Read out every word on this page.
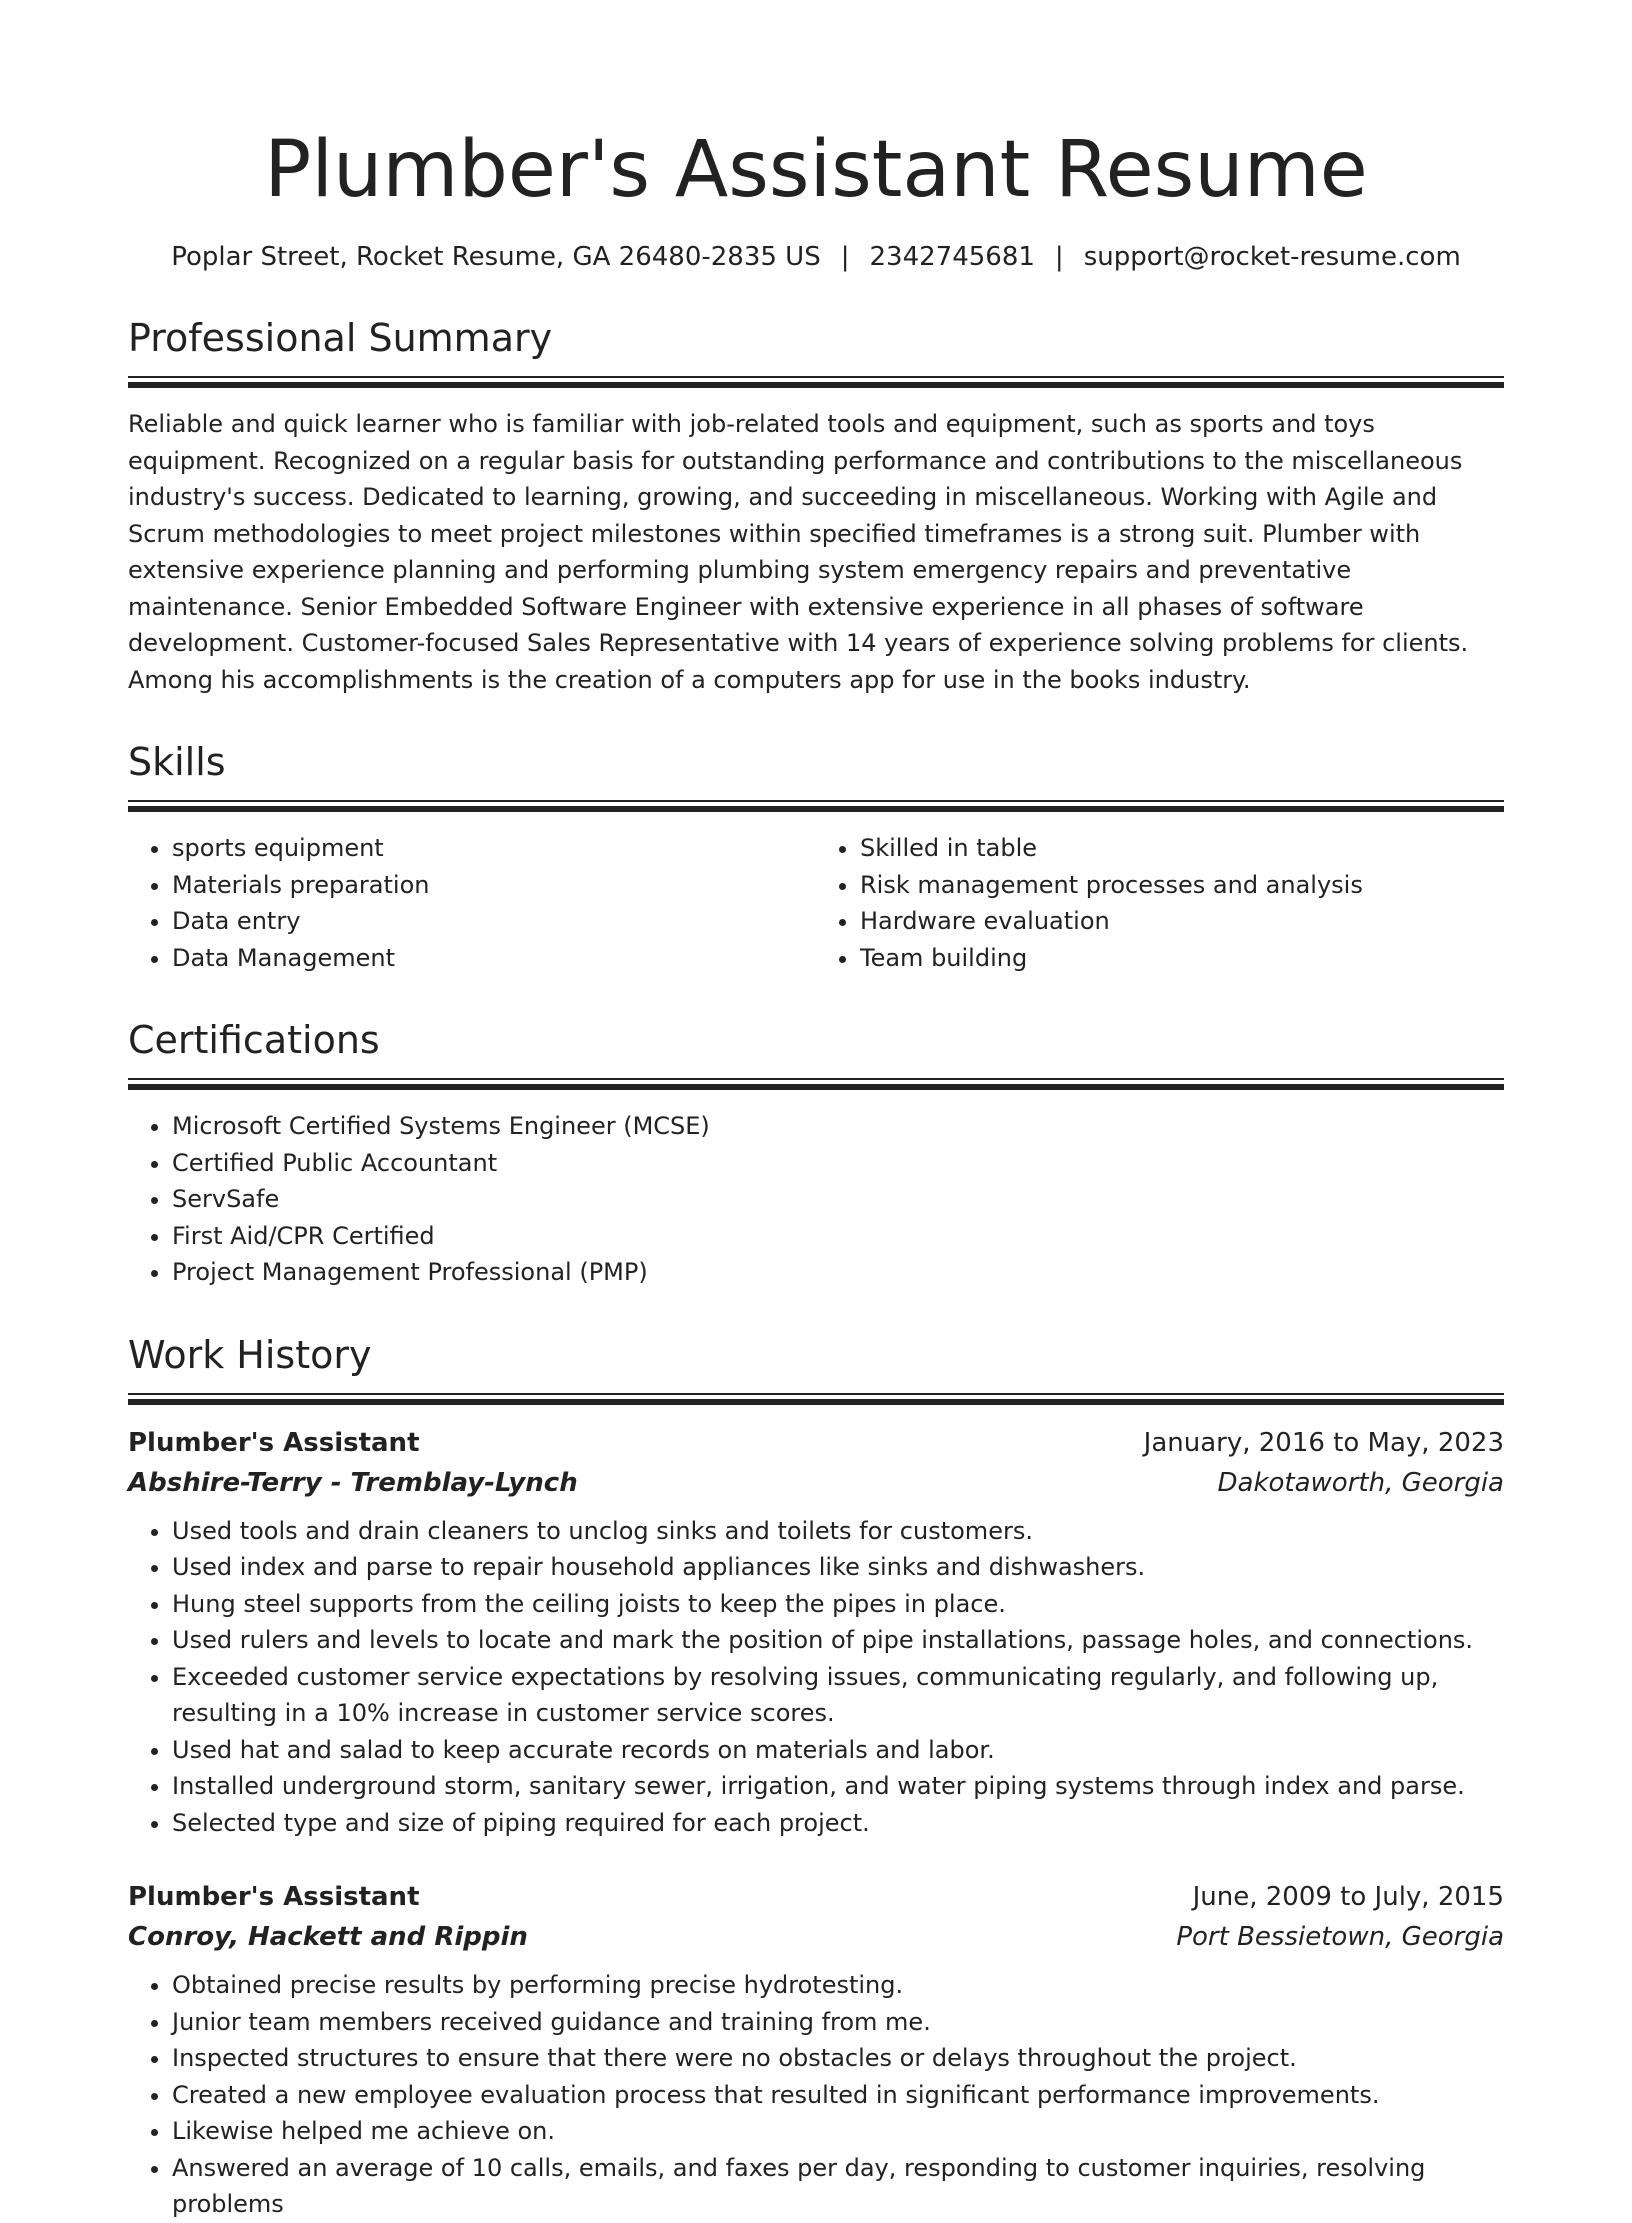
Plumber's Assistant Resume
Poplar Street, Rocket Resume, GA 26480-2835 US | 2342745681 | support@rocket-resume.com
Professional Summary
Reliable and quick learner who is familiar with job-related tools and equipment, such as sports and toys equipment. Recognized on a regular basis for outstanding performance and contributions to the miscellaneous industry's success. Dedicated to learning, growing, and succeeding in miscellaneous. Working with Agile and Scrum methodologies to meet project milestones within specified timeframes is a strong suit. Plumber with extensive experience planning and performing plumbing system emergency repairs and preventative maintenance. Senior Embedded Software Engineer with extensive experience in all phases of software development. Customer-focused Sales Representative with 14 years of experience solving problems for clients. Among his accomplishments is the creation of a computers app for use in the books industry.
Skills
• sports equipment
• Materials preparation
• Data entry
• Data Management
• Skilled in table
• Risk management processes and analysis
• Hardware evaluation
• Team building
Certifications
• Microsoft Certified Systems Engineer (MCSE)
• Certified Public Accountant
• ServSafe
• First Aid/CPR Certified
• Project Management Professional (PMP)
Work History
Plumber's Assistant	January, 2016 to May, 2023
Abshire-Terry - Tremblay-Lynch	Dakotaworth, Georgia
• Used tools and drain cleaners to unclog sinks and toilets for customers.
• Used index and parse to repair household appliances like sinks and dishwashers.
• Hung steel supports from the ceiling joists to keep the pipes in place.
• Used rulers and levels to locate and mark the position of pipe installations, passage holes, and connections.
• Exceeded customer service expectations by resolving issues, communicating regularly, and following up, resulting in a 10% increase in customer service scores.
• Used hat and salad to keep accurate records on materials and labor.
• Installed underground storm, sanitary sewer, irrigation, and water piping systems through index and parse.
• Selected type and size of piping required for each project.
Plumber's Assistant	June, 2009 to July, 2015
Conroy, Hackett and Rippin	Port Bessietown, Georgia
• Obtained precise results by performing precise hydrotesting.
• Junior team members received guidance and training from me.
• Inspected structures to ensure that there were no obstacles or delays throughout the project.
• Created a new employee evaluation process that resulted in significant performance improvements.
• Likewise helped me achieve on.
• Answered an average of 10 calls, emails, and faxes per day, responding to customer inquiries, resolving problems
